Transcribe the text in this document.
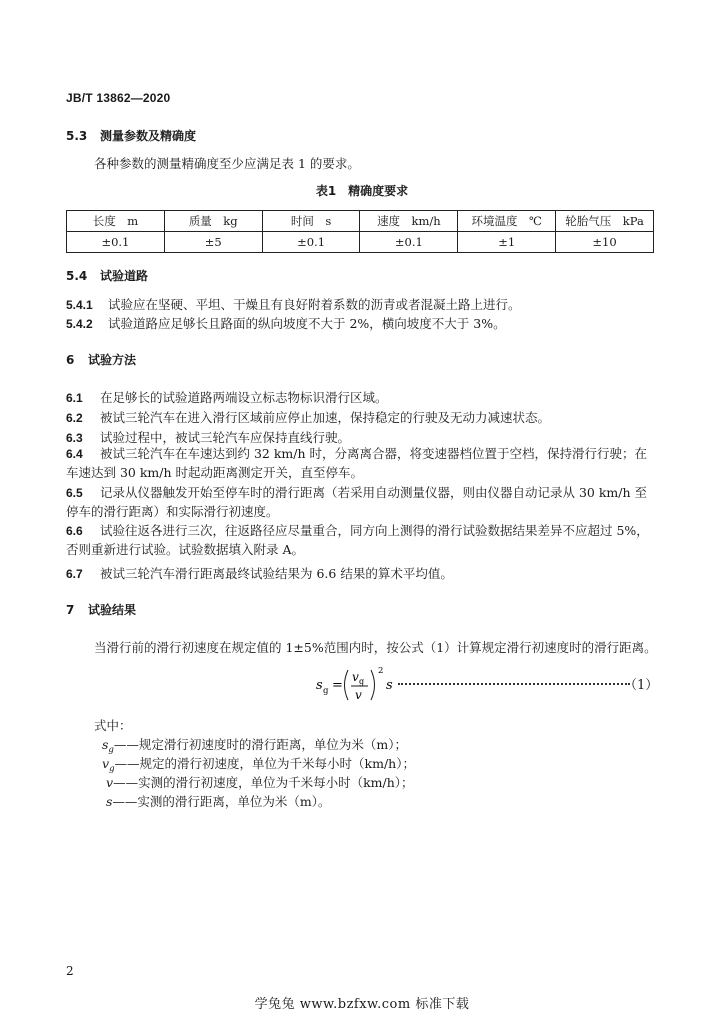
JB/T 13862—2020
5.3 测量参数及精确度
各种参数的测量精确度至少应满足表 1 的要求。
表1　精确度要求
长度　m	质量　kg	时间　s	速度　km/h	环境温度　℃	轮胎气压　kPa
±0.1	±5	±0.1	±0.1	±1	±10
5.4 试验道路
5.4.1 试验应在坚硬、平坦、干燥且有良好附着系数的沥青或者混凝土路上进行。
5.4.2 试验道路应足够长且路面的纵向坡度不大于 2%，横向坡度不大于 3%。
6 试验方法
6.1 在足够长的试验道路两端设立标志物标识滑行区域。
6.2 被试三轮汽车在进入滑行区域前应停止加速，保持稳定的行驶及无动力减速状态。
6.3 试验过程中，被试三轮汽车应保持直线行驶。
6.4 被试三轮汽车在车速达到约 32 km/h 时，分离离合器，将变速器档位置于空档，保持滑行行驶；在车速达到 30 km/h 时起动距离测定开关，直至停车。
6.5 记录从仪器触发开始至停车时的滑行距离（若采用自动测量仪器，则由仪器自动记录从 30 km/h 至停车的滑行距离）和实际滑行初速度。
6.6 试验往返各进行三次，往返路径应尽量重合，同方向上测得的滑行试验数据结果差异不应超过 5%，否则重新进行试验。试验数据填入附录 A。
6.7 被试三轮汽车滑行距离最终试验结果为 6.6 结果的算术平均值。
7 试验结果
当滑行前的滑行初速度在规定值的 1±5%范围内时，按公式（1）计算规定滑行初速度时的滑行距离。
s g =
v g
v
2
s	（1）
式中：
$s_g——$规定滑行初速度时的滑行距离，单位为米（m）；
$v_g——$规定的滑行初速度，单位为千米每小时（km/h）；
v——实测的滑行初速度，单位为千米每小时（km/h）；
s——实测的滑行距离，单位为米（m）。
2
学兔兔 www.bzfxw.com 标准下载
